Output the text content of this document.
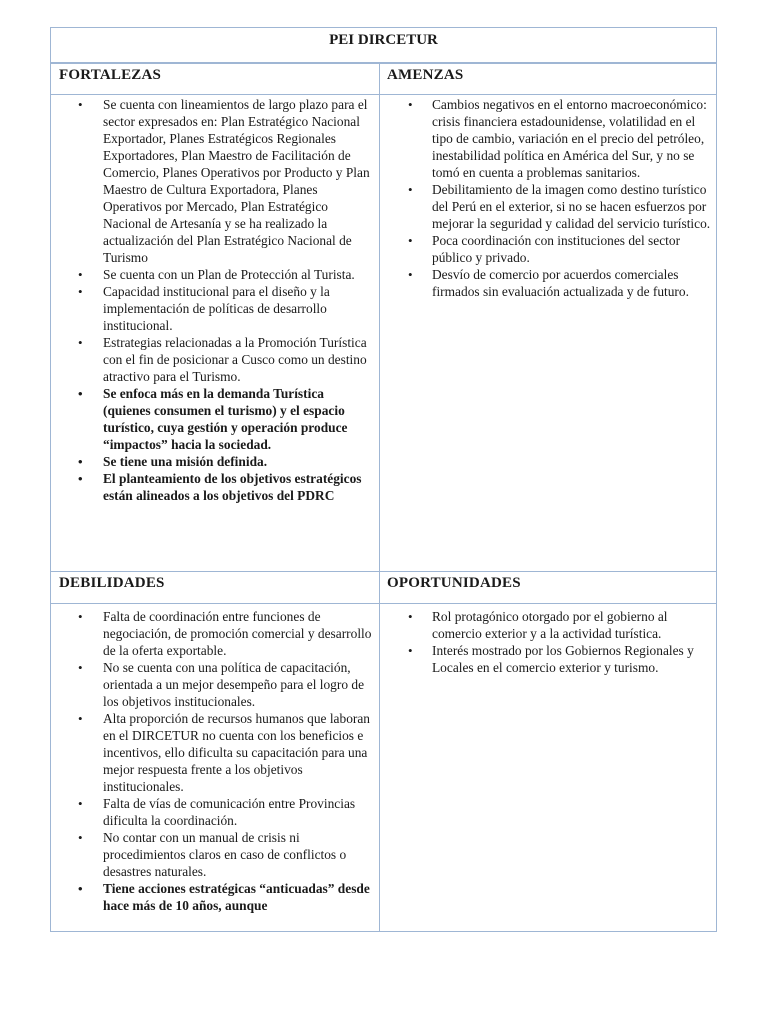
PEI DIRCETUR
FORTALEZAS	AMENZAS
• Se cuenta con lineamientos de largo plazo para el sector expresados en: Plan Estratégico Nacional Exportador, Planes Estratégicos Regionales Exportadores, Plan Maestro de Facilitación de Comercio, Planes Operativos por Producto y Plan Maestro de Cultura Exportadora, Planes Operativos por Mercado, Plan Estratégico Nacional de Artesanía y se ha realizado la actualización del Plan Estratégico Nacional de Turismo
• Se cuenta con un Plan de Protección al Turista.
• Capacidad institucional para el diseño y la implementación de políticas de desarrollo institucional.
• Estrategias relacionadas a la Promoción Turística con el fin de posicionar a Cusco como un destino atractivo para el Turismo.
• Se enfoca más en la demanda Turística (quienes consumen el turismo) y el espacio turístico, cuya gestión y operación produce “impactos” hacia la sociedad.
• Se tiene una misión definida.
• El planteamiento de los objetivos estratégicos están alineados a los objetivos del PDRC
• Cambios negativos en el entorno macroeconómico: crisis financiera estadounidense, volatilidad en el tipo de cambio, variación en el precio del petróleo, inestabilidad política en América del Sur, y no se tomó en cuenta a problemas sanitarios.
• Debilitamiento de la imagen como destino turístico del Perú en el exterior, si no se hacen esfuerzos por mejorar la seguridad y calidad del servicio turístico.
• Poca coordinación con instituciones del sector público y privado.
• Desvío de comercio por acuerdos comerciales firmados sin evaluación actualizada y de futuro.
DEBILIDADES	OPORTUNIDADES
• Falta de coordinación entre funciones de negociación, de promoción comercial y desarrollo de la oferta exportable.
• No se cuenta con una política de capacitación, orientada a un mejor desempeño para el logro de los objetivos institucionales.
• Alta proporción de recursos humanos que laboran en el DIRCETUR no cuenta con los beneficios e incentivos, ello dificulta su capacitación para una mejor respuesta frente a los objetivos institucionales.
• Falta de vías de comunicación entre Provincias dificulta la coordinación.
• No contar con un manual de crisis ni procedimientos claros en caso de conflictos o desastres naturales.
• Tiene acciones estratégicas “anticuadas” desde hace más de 10 años, aunque
• Rol protagónico otorgado por el gobierno al comercio exterior y a la actividad turística.
• Interés mostrado por los Gobiernos Regionales y Locales en el comercio exterior y turismo.
